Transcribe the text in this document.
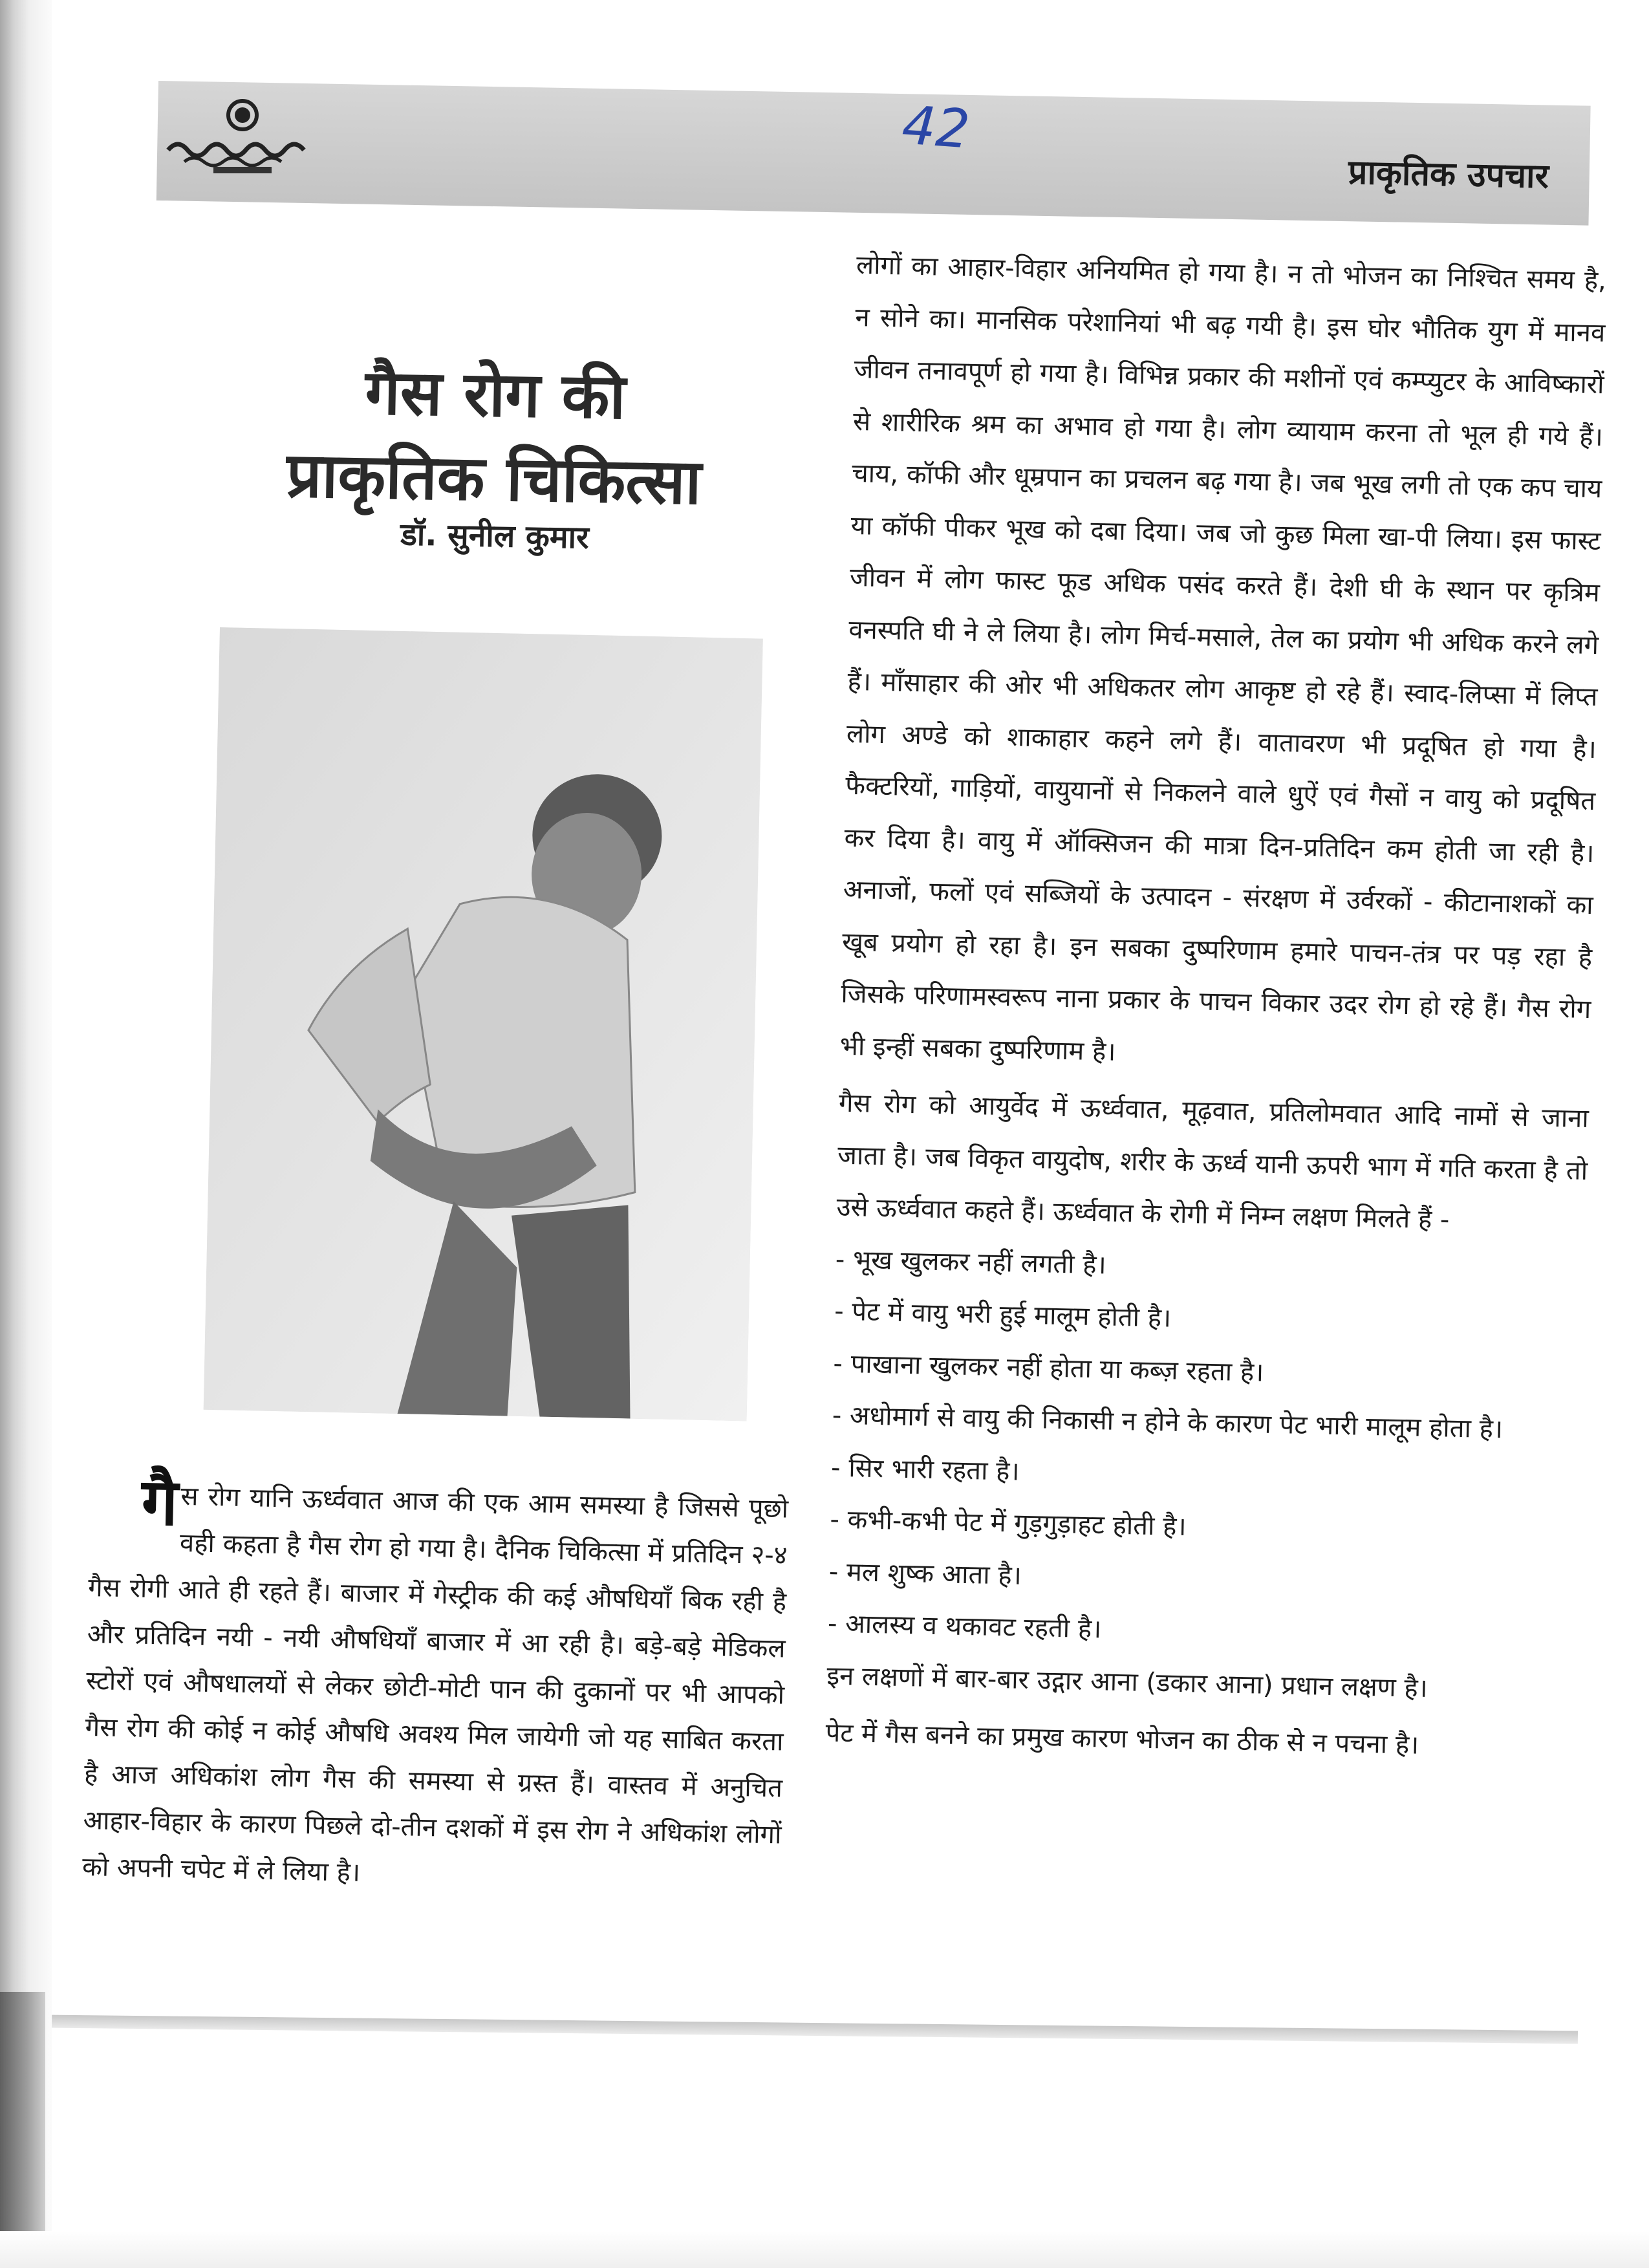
42
प्राकृतिक उपचार
गैस रोग की
प्राकृतिक चिकित्सा
डॉ. सुनील कुमार
गैस रोग यानि ऊर्ध्ववात आज की एक आम समस्या है जिससे पूछो वही कहता है गैस रोग हो गया है। दैनिक चिकित्सा में प्रतिदिन २-४ गैस रोगी आते ही रहते हैं। बाजार में गेस्ट्रीक की कई औषधियाँ बिक रही है और प्रतिदिन नयी - नयी औषधियाँ बाजार में आ रही है। बड़े-बड़े मेडिकल स्टोरों एवं औषधालयों से लेकर छोटी-मोटी पान की दुकानों पर भी आपको गैस रोग की कोई न कोई औषधि अवश्य मिल जायेगी जो यह साबित करता है आज अधिकांश लोग गैस की समस्या से ग्रस्त हैं। वास्तव में अनुचित आहार-विहार के कारण पिछले दो-तीन दशकों में इस रोग ने अधिकांश लोगों को अपनी चपेट में ले लिया है।

लोगों का आहार-विहार अनियमित हो गया है। न तो भोजन का निश्चित समय है, न सोने का। मानसिक परेशानियां भी बढ़ गयी है। इस घोर भौतिक युग में मानव जीवन तनावपूर्ण हो गया है। विभिन्न प्रकार की मशीनों एवं कम्प्युटर के आविष्कारों से शारीरिक श्रम का अभाव हो गया है। लोग व्यायाम करना तो भूल ही गये हैं। चाय, कॉफी और धूम्रपान का प्रचलन बढ़ गया है। जब भूख लगी तो एक कप चाय या कॉफी पीकर भूख को दबा दिया। जब जो कुछ मिला खा-पी लिया। इस फास्ट जीवन में लोग फास्ट फूड अधिक पसंद करते हैं। देशी घी के स्थान पर कृत्रिम वनस्पति घी ने ले लिया है। लोग मिर्च-मसाले, तेल का प्रयोग भी अधिक करने लगे हैं। माँसाहार की ओर भी अधिकतर लोग आकृष्ट हो रहे हैं। स्वाद-लिप्सा में लिप्त लोग अण्डे को शाकाहार कहने लगे हैं। वातावरण भी प्रदूषित हो गया है। फैक्टरियों, गाड़ियों, वायुयानों से निकलने वाले धुऐं एवं गैसों न वायु को प्रदूषित कर दिया है। वायु में ऑक्सिजन की मात्रा दिन-प्रतिदिन कम होती जा रही है। अनाजों, फलों एवं सब्जियों के उत्पादन - संरक्षण में उर्वरकों - कीटानाशकों का खूब प्रयोग हो रहा है। इन सबका दुष्परिणाम हमारे पाचन-तंत्र पर पड़ रहा है जिसके परिणामस्वरूप नाना प्रकार के पाचन विकार उदर रोग हो रहे हैं। गैस रोग भी इन्हीं सबका दुष्परिणाम है।

गैस रोग को आयुर्वेद में ऊर्ध्ववात, मूढ़वात, प्रतिलोमवात आदि नामों से जाना जाता है। जब विकृत वायुदोष, शरीर के ऊर्ध्व यानी ऊपरी भाग में गति करता है तो उसे ऊर्ध्ववात कहते हैं। ऊर्ध्ववात के रोगी में निम्न लक्षण मिलते हैं -

- भूख खुलकर नहीं लगती है।

- पेट में वायु भरी हुई मालूम होती है।

- पाखाना खुलकर नहीं होता या कब्ज़ रहता है।

- अधोमार्ग से वायु की निकासी न होने के कारण पेट भारी मालूम होता है।

- सिर भारी रहता है।

- कभी-कभी पेट में गुड़गुड़ाहट होती है।

- मल शुष्क आता है।

- आलस्य व थकावट रहती है।

इन लक्षणों में बार-बार उद्गार आना (डकार आना) प्रधान लक्षण है।

पेट में गैस बनने का प्रमुख कारण भोजन का ठीक से न पचना है।
